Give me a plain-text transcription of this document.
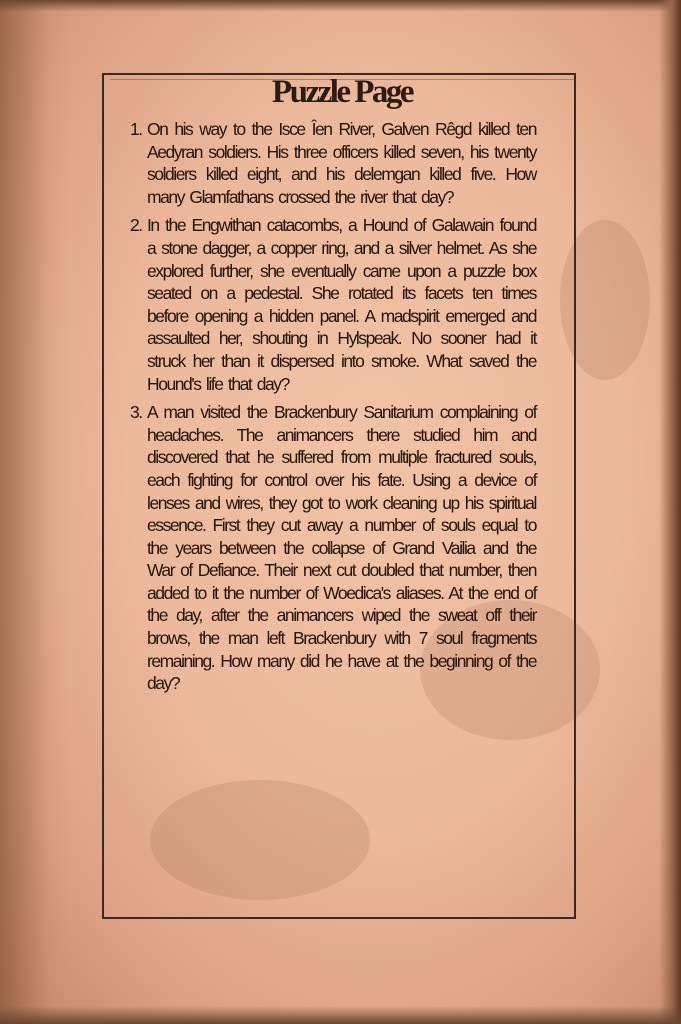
Puzzle Page
1. On his way to the Isce Îen River, Galven Rêgd killed ten Aedyran soldiers. His three officers killed seven, his twenty soldiers killed eight, and his delemgan killed five. How many Glamfathans crossed the river that day?
2. In the Engwithan catacombs, a Hound of Galawain found a stone dagger, a copper ring, and a silver helmet. As she explored further, she eventually came upon a puzzle box seated on a pedestal. She rotated its facets ten times before opening a hidden panel. A madspirit emerged and assaulted her, shouting in Hylspeak. No sooner had it struck her than it dispersed into smoke. What saved the Hound's life that day?
3. A man visited the Brackenbury Sanitarium complaining of headaches. The animancers there studied him and discovered that he suffered from multiple fractured souls, each fighting for control over his fate. Using a device of lenses and wires, they got to work cleaning up his spiritual essence. First they cut away a number of souls equal to the years between the collapse of Grand Vailia and the War of Defiance. Their next cut doubled that number, then added to it the number of Woedica's aliases. At the end of the day, after the animancers wiped the sweat off their brows, the man left Brackenbury with 7 soul fragments remaining. How many did he have at the beginning of the day?
